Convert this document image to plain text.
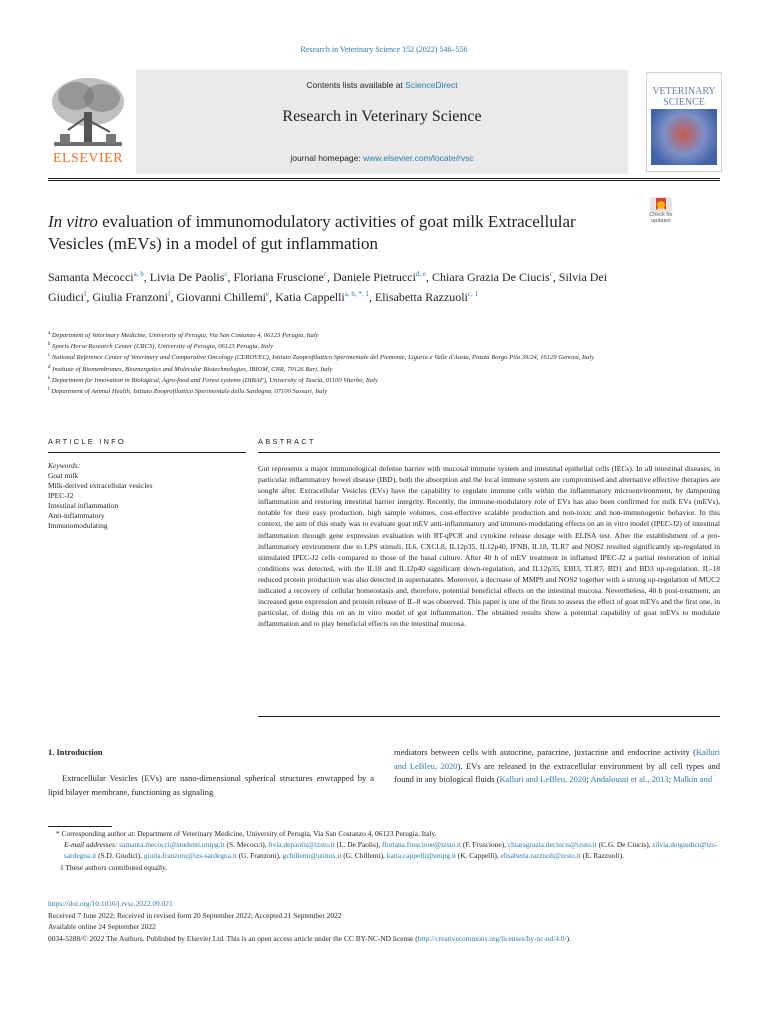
Research in Veterinary Science 152 (2022) 546–556
Contents lists available at ScienceDirect
Research in Veterinary Science
journal homepage: www.elsevier.com/locate/rvsc
ELSEVIER
VETERINARY SCIENCE
Check for updates
In vitro evaluation of immunomodulatory activities of goat milk Extracellular Vesicles (mEVs) in a model of gut inflammation
Samanta Mecocci$^{a, b}$, Livia De Paolis$^c$, Floriana Fruscione$^c$, Daniele Pietrucci$^{d, e}$, Chiara Grazia De Ciucis$^c$, Silvia Dei Giudici$^f$, Giulia Franzoni$^f$, Giovanni Chillemi$^e$, Katia Cappelli$^{a, b, *, 1}$, Elisabetta Razzuoli$^{c, 1}$
$^a$ Department of Veterinary Medicine, University of Perugia, Via San Costanzo 4, 06123 Perugia, Italy
$^b$ Sports Horse Research Center (CRCS), University of Perugia, 06123 Perugia, Italy
$^c$ National Reference Center of Veterinary and Comparative Oncology (CEROVEC), Istituto Zooprofilattico Sperimentale del Piemonte, Liguria e Valle d'Aosta, Piazza Borgo Pila 39/24, 16129 Genova, Italy
$^d$ Institute of Biomembranes, Bioenergetics and Molecular Biotechnologies, IBIOM, CNR, 70126 Bari, Italy
$^e$ Department for Innovation in Biological, Agro-food and Forest systems (DIBAF), University of Tuscia, 01100 Viterbo, Italy
$^f$ Department of Animal Health, Istituto Zooprofilattico Sperimentale della Sardegna, 07100 Sassari, Italy
ARTICLE INFO	ABSTRACT
Keywords:
Goat milk
Milk-derived extracellular vesicles
IPEC-J2
Intestinal inflammation
Anti-inflammatory
Immunomodulating
Gut represents a major immunological defense barrier with mucosal immune system and intestinal epithelial cells (IECs). In all intestinal diseases, in particular inflammatory bowel disease (IBD), both the absorption and the local immune system are compromised and alternative effective therapies are sought after. Extracellular Vesicles (EVs) have the capability to regulate immune cells within the inflammatory microenvironment, by dampening inflammation and restoring intestinal barrier integrity. Recently, the immune-modulatory role of EVs has also been confirmed for milk EVs (mEVs), notable for their easy production, high sample volumes, cost-effective scalable production and non-toxic and non-immunogenic behavior. In this context, the aim of this study was to evaluate goat mEV anti-inflammatory and immuno-modulating effects on an in vitro model (IPEC-J2) of intestinal inflammation through gene expression evaluation with RT-qPCR and cytokine release dosage with ELISA test. After the establishment of a pro-inflammatory environment due to LPS stimuli, IL6, CXCL8, IL12p35, IL12p40, IFNB, IL18, TLR7 and NOS2 resulted significantly up-regulated in stimulated IPEC-J2 cells compared to those of the basal culture. After 40 h of mEV treatment in inflamed IPEC-J2 a partial restoration of initial conditions was detected, with the IL18 and IL12p40 significant down-regulation, and IL12p35, EBI3, TLR7, BD1 and BD3 up-regulation. IL-18 reduced protein production was also detected in supernatants. Moreover, a decrease of MMP9 and NOS2 together with a strong up-regulation of MUC2 indicated a recovery of cellular homeostasis and, therefore, potential beneficial effects on the intestinal mucosa. Nevertheless, 40 h post-treatment, an increased gene expression and protein release of IL-8 was observed. This paper is one of the firsts to assess the effect of goat mEVs and the first one, in particular, of doing this on an in vitro model of gut inflammation. The obtained results show a potential capability of goat mEVs to modulate inflammation and to play beneficial effects on the intestinal mucosa.
1. Introduction
Extracellular Vesicles (EVs) are nano-dimensional spherical structures enwrapped by a lipid bilayer membrane, functioning as signaling
mediators between cells with autocrine, paracrine, juxtacrine and endocrine activity (Kalluri and LeBleu, 2020). EVs are released in the extracellular environment by all cell types and found in any biological fluids (Kalluri and LeBleu, 2020; Andaloussi et al., 2013; Malkin and
* Corresponding author at: Department of Veterinary Medicine, University of Perugia, Via San Costanzo 4, 06123 Perugia, Italy.
E-mail addresses: samanta.mecocci@studenti.unipg.it (S. Mecocci), livia.depaolis@izsto.it (L. De Paolis), floriana.fruscione@izsto.it (F. Fruscione), chiaragrazia.deciucis@izsto.it (C.G. De Ciucis), silvia.deigiudici@izs-sardegna.it (S.D. Giudici), giulia.franzoni@izs-sardegna.it (G. Franzoni), gchillemi@unitus.it (G. Chillemi), katia.cappelli@unipg.it (K. Cappelli), elisabetta.razzuoli@izsto.it (E. Razzuoli).
1 These authors contributed equally.
https://doi.org/10.1016/j.rvsc.2022.09.021
Received 7 June 2022; Received in revised form 20 September 2022; Accepted 21 September 2022
Available online 24 September 2022
0034-5288/© 2022 The Authors. Published by Elsevier Ltd. This is an open access article under the CC BY-NC-ND license (http://creativecommons.org/licenses/by-nc-nd/4.0/).
